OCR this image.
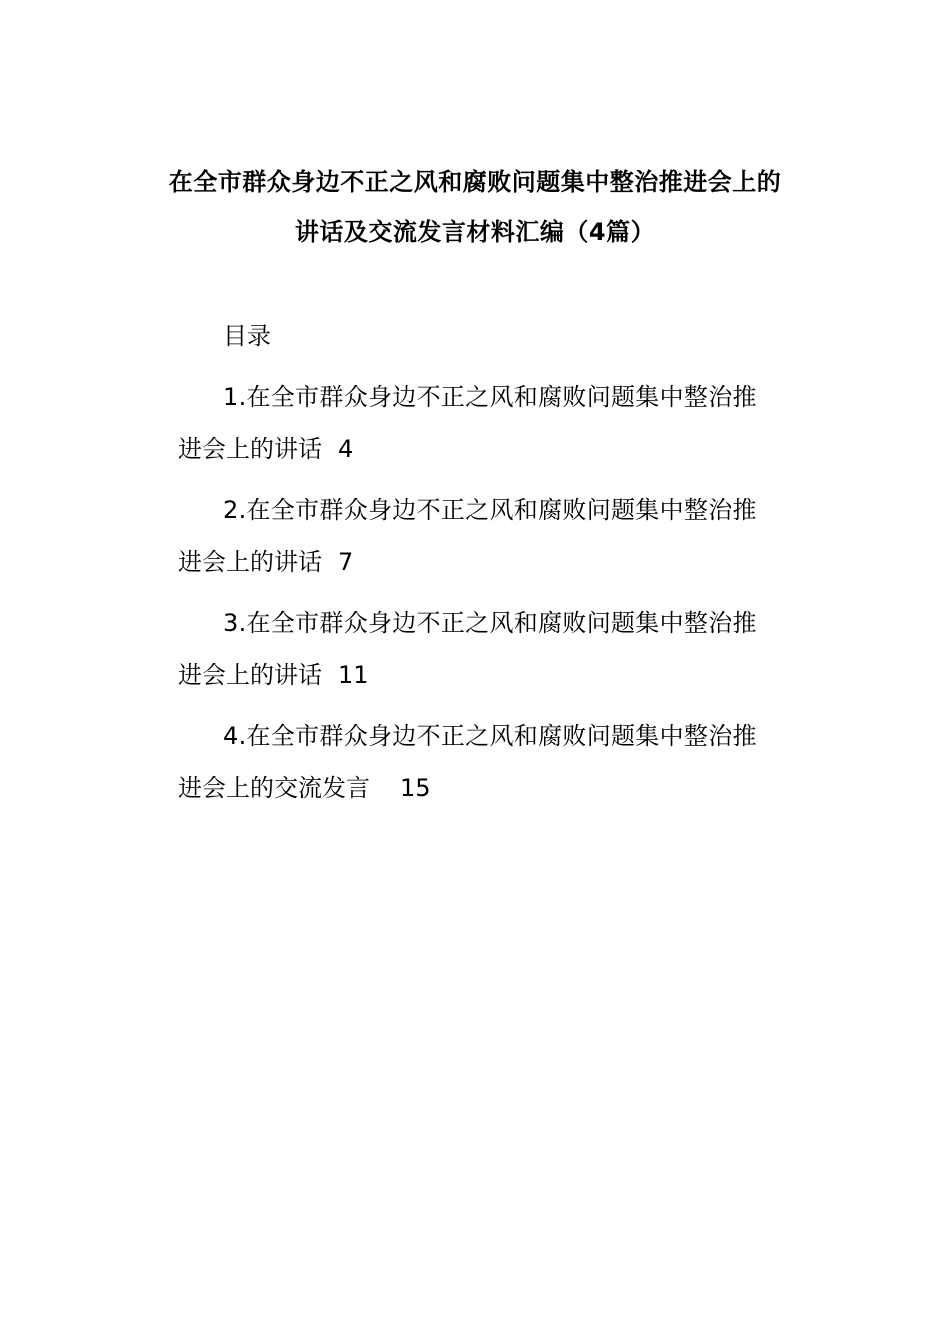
在全市群众身边不正之风和腐败问题集中整治推进会上的
讲话及交流发言材料汇编（4篇）
目录
1.在全市群众身边不正之风和腐败问题集中整治推
进会上的讲话 4
2.在全市群众身边不正之风和腐败问题集中整治推
进会上的讲话 7
3.在全市群众身边不正之风和腐败问题集中整治推
进会上的讲话 11
4.在全市群众身边不正之风和腐败问题集中整治推
进会上的交流发言 15
